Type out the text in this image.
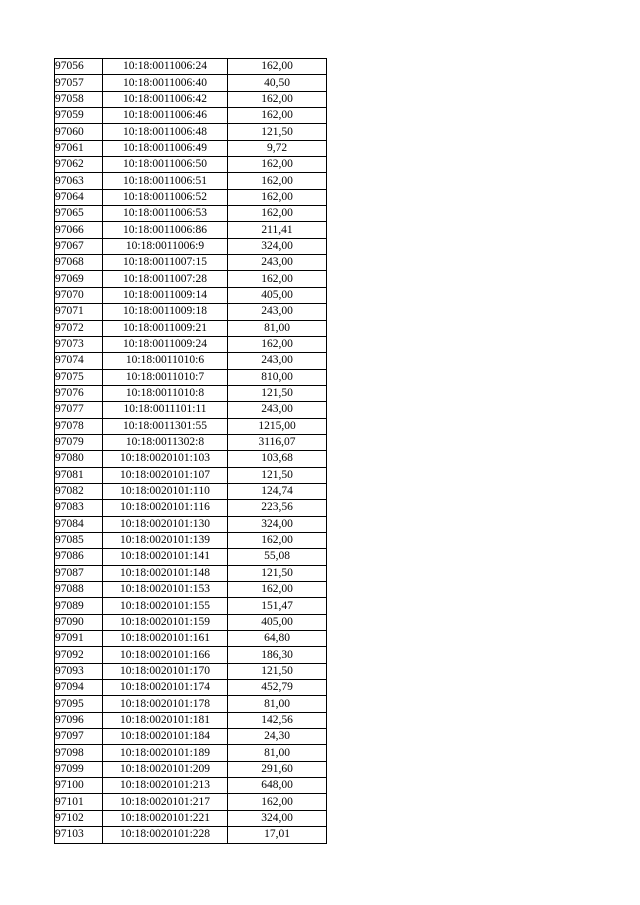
97056	10:18:0011006:24	162,00
97057	10:18:0011006:40	40,50
97058	10:18:0011006:42	162,00
97059	10:18:0011006:46	162,00
97060	10:18:0011006:48	121,50
97061	10:18:0011006:49	9,72
97062	10:18:0011006:50	162,00
97063	10:18:0011006:51	162,00
97064	10:18:0011006:52	162,00
97065	10:18:0011006:53	162,00
97066	10:18:0011006:86	211,41
97067	10:18:0011006:9	324,00
97068	10:18:0011007:15	243,00
97069	10:18:0011007:28	162,00
97070	10:18:0011009:14	405,00
97071	10:18:0011009:18	243,00
97072	10:18:0011009:21	81,00
97073	10:18:0011009:24	162,00
97074	10:18:0011010:6	243,00
97075	10:18:0011010:7	810,00
97076	10:18:0011010:8	121,50
97077	10:18:0011101:11	243,00
97078	10:18:0011301:55	1215,00
97079	10:18:0011302:8	3116,07
97080	10:18:0020101:103	103,68
97081	10:18:0020101:107	121,50
97082	10:18:0020101:110	124,74
97083	10:18:0020101:116	223,56
97084	10:18:0020101:130	324,00
97085	10:18:0020101:139	162,00
97086	10:18:0020101:141	55,08
97087	10:18:0020101:148	121,50
97088	10:18:0020101:153	162,00
97089	10:18:0020101:155	151,47
97090	10:18:0020101:159	405,00
97091	10:18:0020101:161	64,80
97092	10:18:0020101:166	186,30
97093	10:18:0020101:170	121,50
97094	10:18:0020101:174	452,79
97095	10:18:0020101:178	81,00
97096	10:18:0020101:181	142,56
97097	10:18:0020101:184	24,30
97098	10:18:0020101:189	81,00
97099	10:18:0020101:209	291,60
97100	10:18:0020101:213	648,00
97101	10:18:0020101:217	162,00
97102	10:18:0020101:221	324,00
97103	10:18:0020101:228	17,01
